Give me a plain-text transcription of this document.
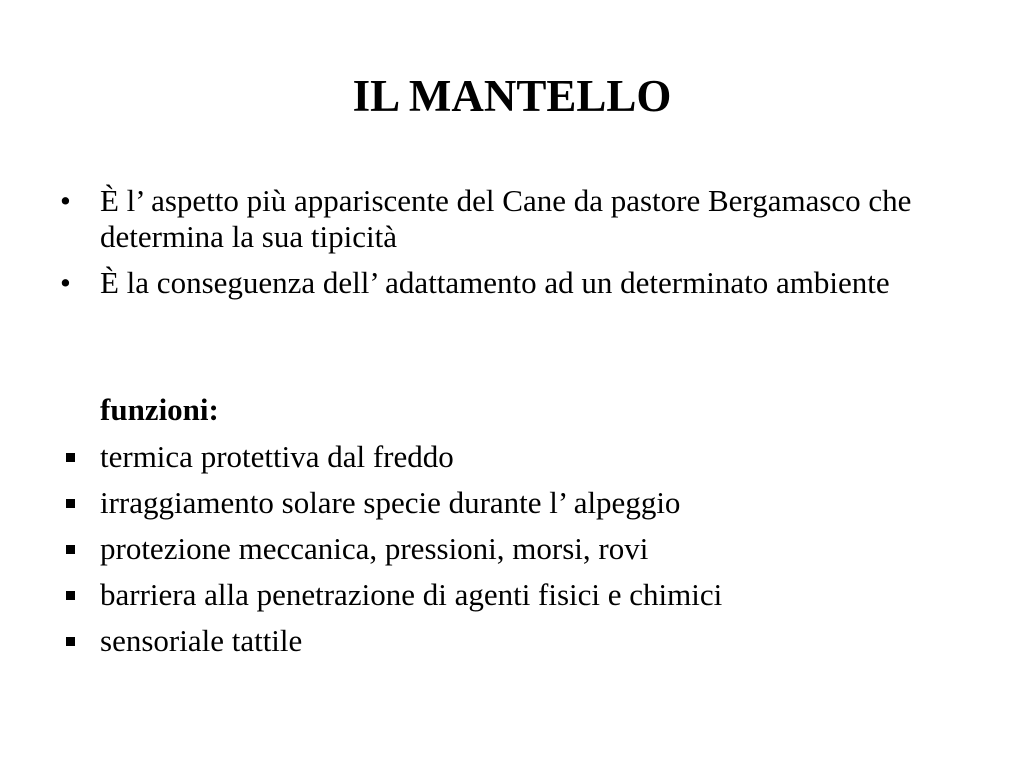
IL MANTELLO
• È l’ aspetto più appariscente del Cane da pastore Bergamasco che determina la sua tipicità
• È la conseguenza dell’ adattamento ad un determinato ambiente

funzioni:

termica protettiva dal freddo
irraggiamento solare specie durante l’ alpeggio
protezione meccanica, pressioni, morsi, rovi
barriera alla penetrazione di agenti fisici e chimici
sensoriale tattile
